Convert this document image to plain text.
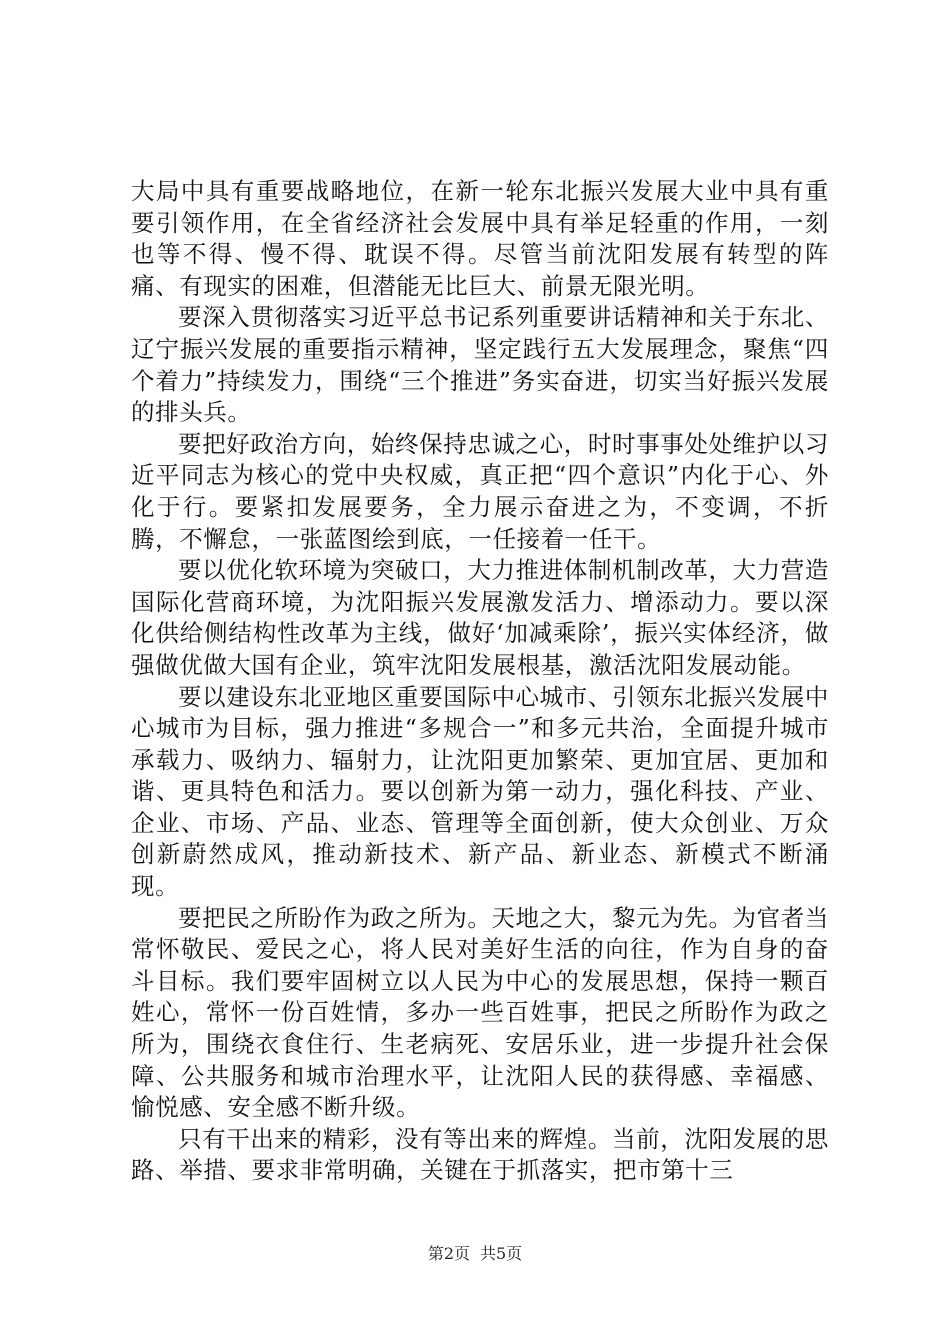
大局中具有重要战略地位，在新一轮东北振兴发展大业中具有重要引领作用，在全省经济社会发展中具有举足轻重的作用，一刻也等不得、慢不得、耽误不得。尽管当前沈阳发展有转型的阵痛、有现实的困难，但潜能无比巨大、前景无限光明。

要深入贯彻落实习近平总书记系列重要讲话精神和关于东北、辽宁振兴发展的重要指示精神，坚定践行五大发展理念，聚焦“四个着力”持续发力，围绕“三个推进”务实奋进，切实当好振兴发展的排头兵。

要把好政治方向，始终保持忠诚之心，时时事事处处维护以习近平同志为核心的党中央权威，真正把“四个意识”内化于心、外化于行。要紧扣发展要务，全力展示奋进之为，不变调，不折腾，不懈怠，一张蓝图绘到底，一任接着一任干。

要以优化软环境为突破口，大力推进体制机制改革，大力营造国际化营商环境，为沈阳振兴发展激发活力、增添动力。要以深化供给侧结构性改革为主线，做好‘加减乘除’，振兴实体经济，做强做优做大国有企业，筑牢沈阳发展根基，激活沈阳发展动能。

要以建设东北亚地区重要国际中心城市、引领东北振兴发展中心城市为目标，强力推进“多规合一”和多元共治，全面提升城市承载力、吸纳力、辐射力，让沈阳更加繁荣、更加宜居、更加和谐、更具特色和活力。要以创新为第一动力，强化科技、产业、企业、市场、产品、业态、管理等全面创新，使大众创业、万众创新蔚然成风，推动新技术、新产品、新业态、新模式不断涌现。

要把民之所盼作为政之所为。天地之大，黎元为先。为官者当常怀敬民、爱民之心，将人民对美好生活的向往，作为自身的奋斗目标。我们要牢固树立以人民为中心的发展思想，保持一颗百姓心，常怀一份百姓情，多办一些百姓事，把民之所盼作为政之所为，围绕衣食住行、生老病死、安居乐业，进一步提升社会保障、公共服务和城市治理水平，让沈阳人民的获得感、幸福感、愉悦感、安全感不断升级。

只有干出来的精彩，没有等出来的辉煌。当前，沈阳发展的思路、举措、要求非常明确，关键在于抓落实，把市第十三

第2页 共5页
